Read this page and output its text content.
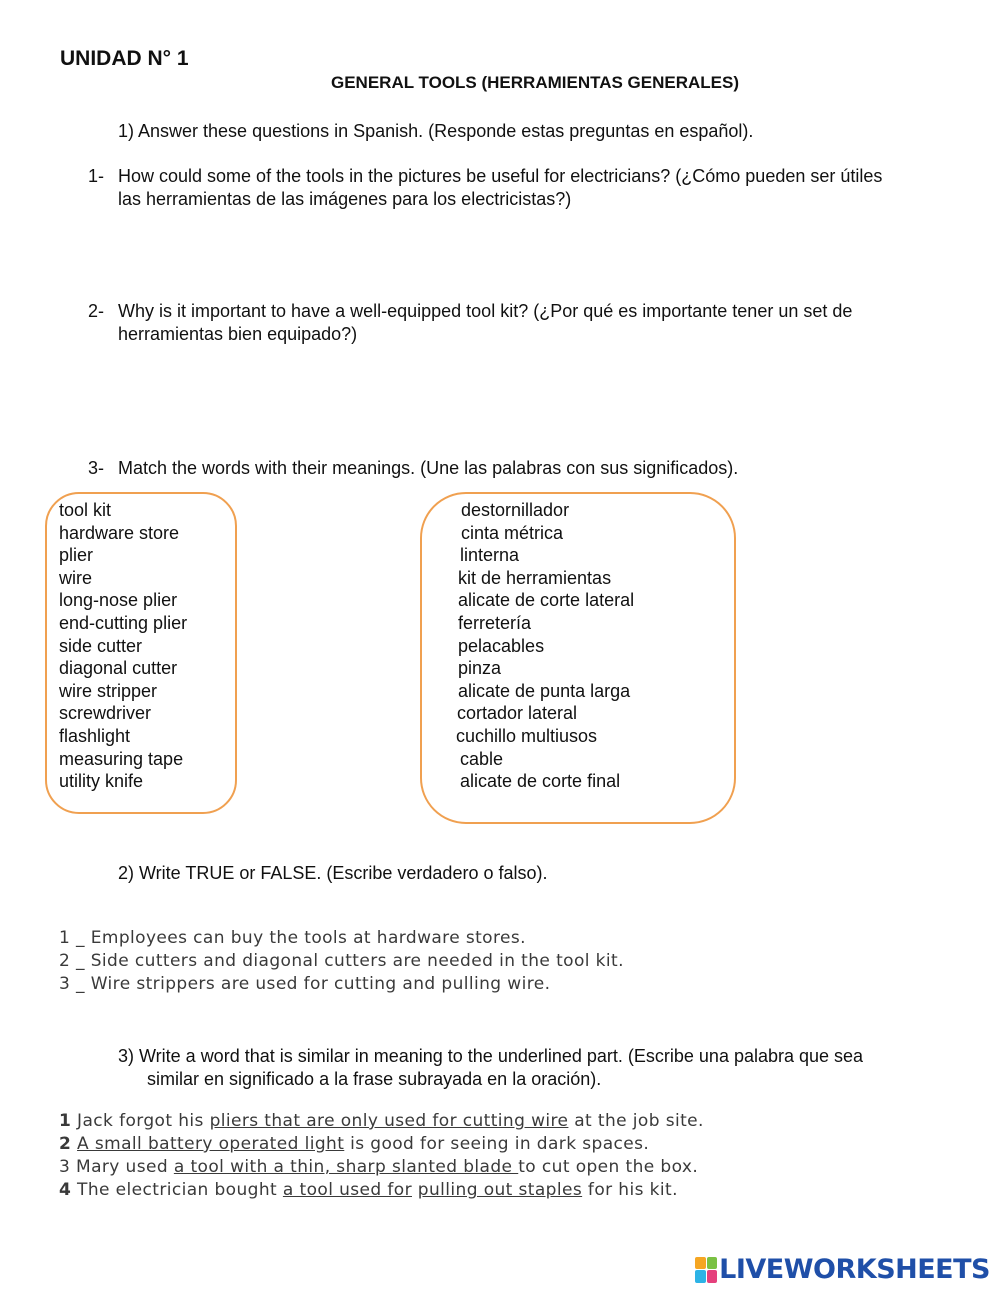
UNIDAD N° 1
GENERAL TOOLS (HERRAMIENTAS GENERALES)
1) Answer these questions in Spanish. (Responde estas preguntas en español).
1- How could some of the tools in the pictures be useful for electricians? (¿Cómo pueden ser útiles
las herramientas de las imágenes para los electricistas?)
2- Why is it important to have a well-equipped tool kit? (¿Por qué es importante tener un set de
herramientas bien equipado?)
3- Match the words with their meanings. (Une las palabras con sus significados).
tool kit
hardware store
plier
wire
long-nose plier
end-cutting plier
side cutter
diagonal cutter
wire stripper
screwdriver
flashlight
measuring tape
utility knife
destornillador
cinta métrica
linterna
kit de herramientas
alicate de corte lateral
ferretería
pelacables
pinza
alicate de punta larga
cortador lateral
cuchillo multiusos
cable
alicate de corte final
2) Write TRUE or FALSE. (Escribe verdadero o falso).
1 _ Employees can buy the tools at hardware stores.
2 _ Side cutters and diagonal cutters are needed in the tool kit.
3 _ Wire strippers are used for cutting and pulling wire.
3) Write a word that is similar in meaning to the underlined part. (Escribe una palabra que sea
similar en significado a la frase subrayada en la oración).
1 Jack forgot his pliers that are only used for cutting wire at the job site.
2 A small battery operated light is good for seeing in dark spaces.
3 Mary used a tool with a thin, sharp slanted blade to cut open the box.
4 The electrician bought a tool used for pulling out staples for his kit.
LIVEWORKSHEETS
